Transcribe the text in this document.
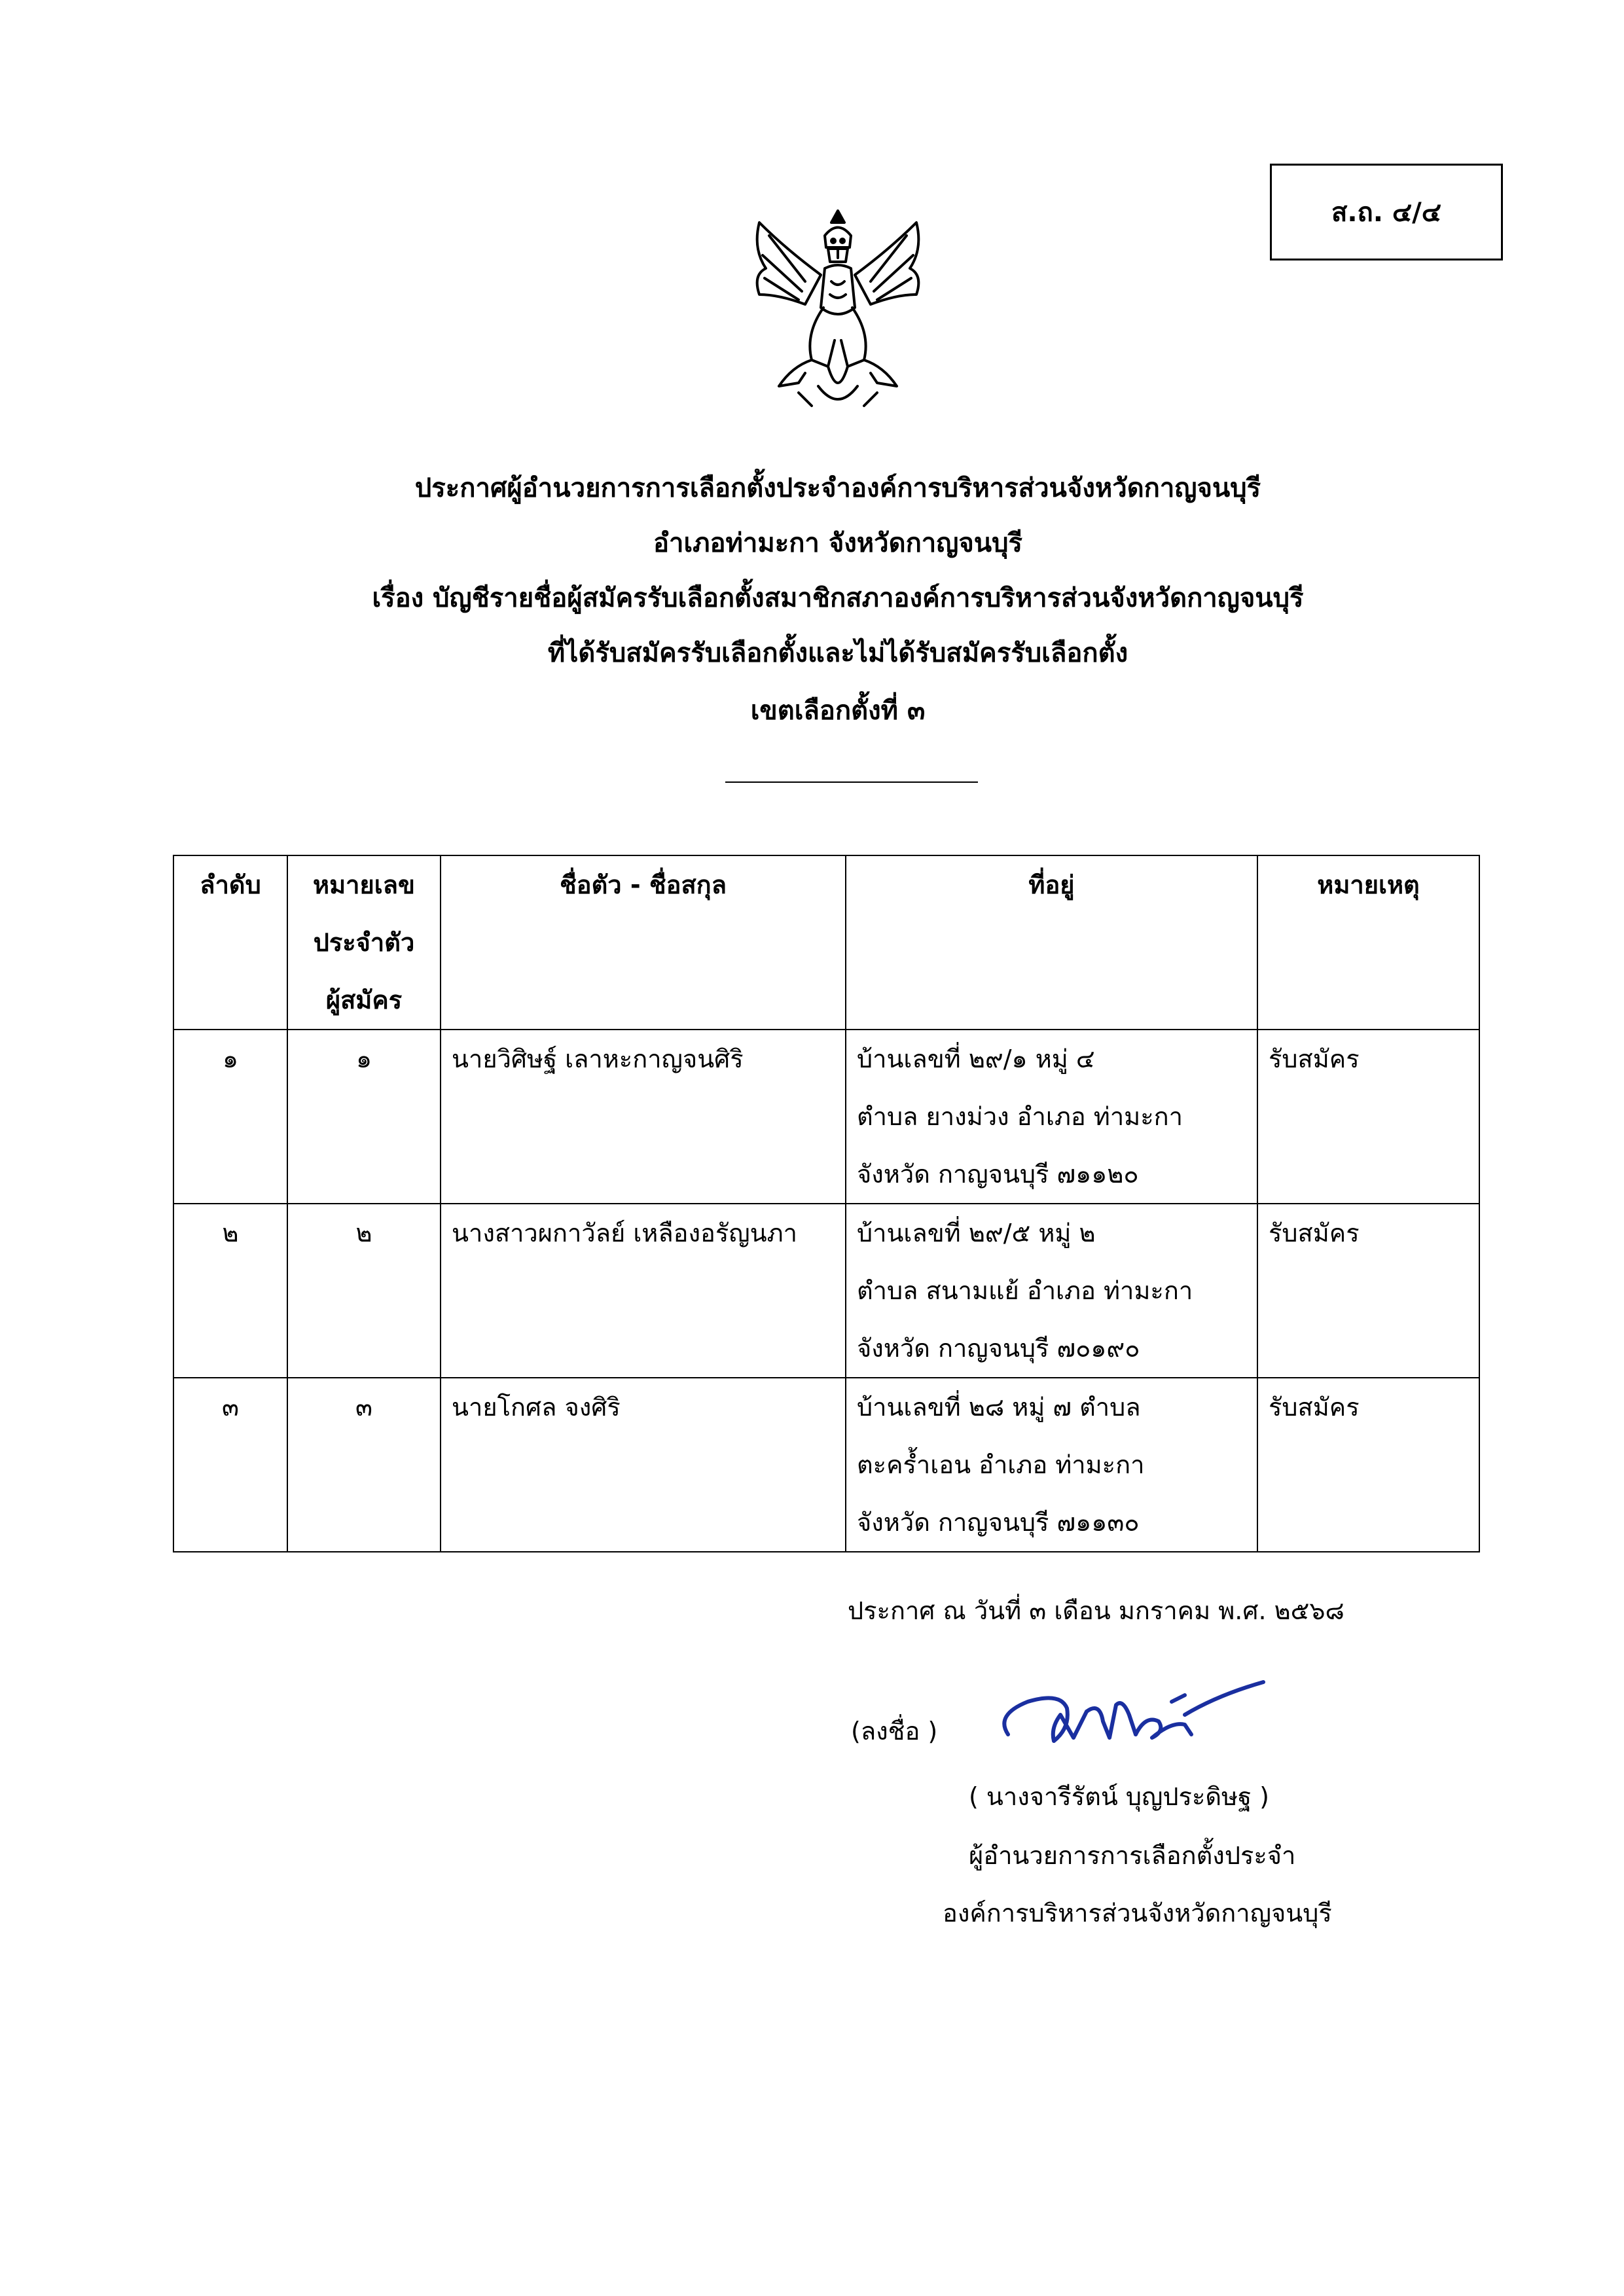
ส.ถ. ๔/๔
ประกาศผู้อำนวยการการเลือกตั้งประจำองค์การบริหารส่วนจังหวัดกาญจนบุรี
อำเภอท่ามะกา จังหวัดกาญจนบุรี
เรื่อง บัญชีรายชื่อผู้สมัครรับเลือกตั้งสมาชิกสภาองค์การบริหารส่วนจังหวัดกาญจนบุรี
ที่ได้รับสมัครรับเลือกตั้งและไม่ได้รับสมัครรับเลือกตั้ง
เขตเลือกตั้งที่ ๓
ลำดับ	หมายเลข
ประจำตัว
ผู้สมัคร	ชื่อตัว - ชื่อสกุล	ที่อยู่	หมายเหตุ
๑	๑	นายวิศิษฐ์ เลาหะกาญจนศิริ	บ้านเลขที่ ๒๙/๑ หมู่ ๔
ตำบล ยางม่วง อำเภอ ท่ามะกา
จังหวัด กาญจนบุรี ๗๑๑๒๐	รับสมัคร
๒	๒	นางสาวผกาวัลย์ เหลืองอรัญนภา	บ้านเลขที่ ๒๙/๕ หมู่ ๒
ตำบล สนามแย้ อำเภอ ท่ามะกา
จังหวัด กาญจนบุรี ๗๐๑๙๐	รับสมัคร
๓	๓	นายโกศล จงศิริ	บ้านเลขที่ ๒๘ หมู่ ๗ ตำบล
ตะคร้ำเอน อำเภอ ท่ามะกา
จังหวัด กาญจนบุรี ๗๑๑๓๐	รับสมัคร
ประกาศ ณ วันที่ ๓ เดือน มกราคม พ.ศ. ๒๕๖๘
(ลงชื่อ )
( นางจารีรัตน์ บุญประดิษฐ )
ผู้อำนวยการการเลือกตั้งประจำ
องค์การบริหารส่วนจังหวัดกาญจนบุรี
